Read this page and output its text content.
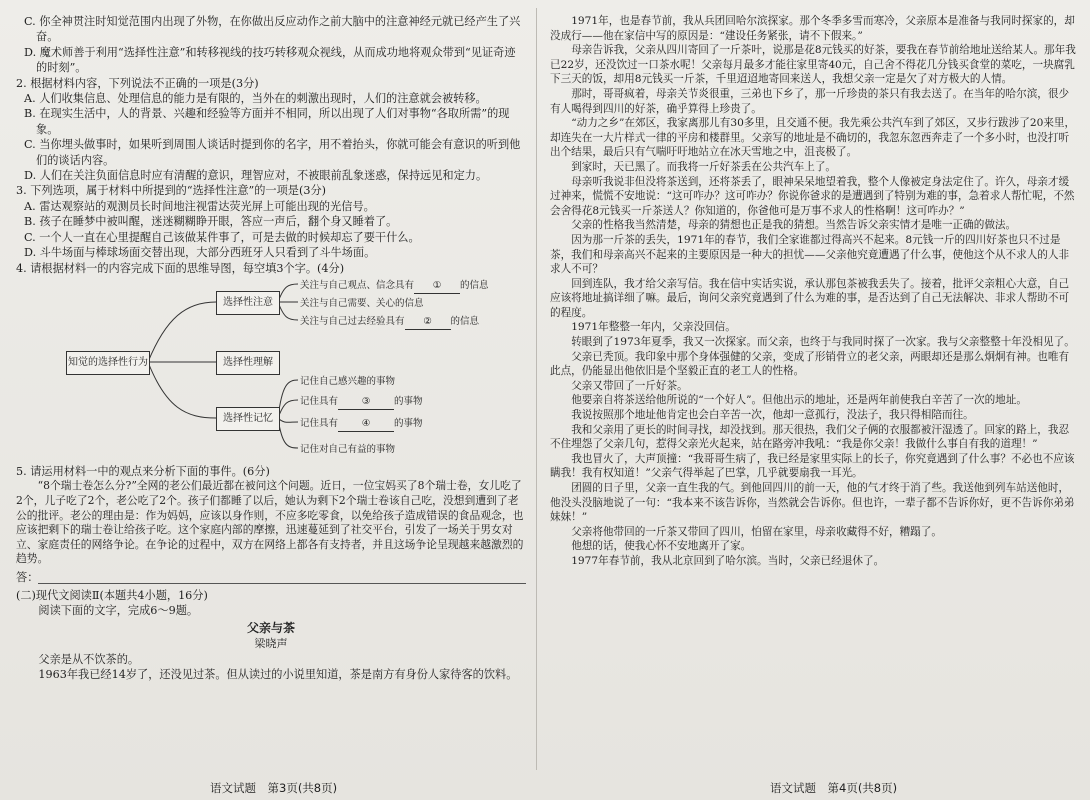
C. 你全神贯注时知觉范围内出现了外物，在你做出反应动作之前大脑中的注意神经元就已经产生了兴奋。

D. 魔术师善于利用“选择性注意”和转移视线的技巧转移观众视线，从而成功地将观众带到“见证奇迹的时刻”。

2. 根据材料内容，下列说法不正确的一项是(3分)

A. 人们收集信息、处理信息的能力是有限的，当外在的刺激出现时，人们的注意就会被转移。

B. 在现实生活中，人的背景、兴趣和经验等方面并不相同，所以出现了人们对事物“各取所需”的现象。

C. 当你埋头做事时，如果听到周围人谈话时提到你的名字，用不着抬头，你就可能会有意识的听到他们的谈话内容。

D. 人们在关注负面信息时应有清醒的意识，理智应对，不被眼前乱象迷惑，保持远见和定力。

3. 下列选项，属于材料中所提到的“选择性注意”的一项是(3分)

A. 雷达观察站的观测员长时间地注视雷达荧光屏上可能出现的光信号。

B. 孩子在睡梦中被叫醒，迷迷糊糊睁开眼，答应一声后，翻个身又睡着了。

C. 一个人一直在心里提醒自己该做某件事了，可是去做的时候却忘了要干什么。

D. 斗牛场面与棒球场面交替出现，大部分西班牙人只看到了斗牛场面。

4. 请根据材料一的内容完成下面的思维导图，每空填3个字。(4分)

知觉的选择性行为
选择性注意
选择性理解
选择性记忆
关注与自己观点、信念具有 ① 的信息
关注与自己需要、关心的信息
关注与自己过去经验具有 ② 的信息
记住自己感兴趣的事物
记住具有 ③ 的事物
记住具有 ④ 的事物
记住对自己有益的事物

5. 请运用材料一中的观点来分析下面的事件。(6分)

“8个瑞士卷怎么分?”全网的老公们最近都在被问这个问题。近日，一位宝妈买了8个瑞士卷，女儿吃了2个，儿子吃了2个，老公吃了2个。孩子们都睡了以后，她认为剩下2个瑞士卷该自己吃，没想到遭到了老公的批评。老公的理由是：作为妈妈，应该以身作则，不应多吃零食，以免给孩子造成错误的食品观念，也应该把剩下的瑞士卷让给孩子吃。这个家庭内部的摩擦，迅速蔓延到了社交平台，引发了一场关于男女对立、家庭责任的网络争论。在争论的过程中，双方在网络上都各有支持者，并且这场争论呈现越来越激烈的趋势。

答：

(二)现代文阅读Ⅱ(本题共4小题，16分)

阅读下面的文字，完成6～9题。

父亲与茶

梁晓声

父亲是从不饮茶的。

1963年我已经14岁了，还没见过茶。但从读过的小说里知道，茶是南方有身份人家待客的饮料。

1971年，也是春节前，我从兵团回哈尔滨探家。那个冬季多雪而寒冷，父亲原本是准备与我同时探家的，却没成行——他在家信中写的原因是：“建设任务紧张，请不下假来。”

母亲告诉我，父亲从四川寄回了一斤茶叶，说那是花8元钱买的好茶，要我在春节前给地址送给某人。那年我已22岁，还没饮过一口茶水呢！父亲每月最多才能往家里寄40元，自己舍不得花几分钱买食堂的菜吃，一块腐乳下三天的饭，却用8元钱买一斤茶，千里迢迢地寄回来送人，我想父亲一定是欠了对方极大的人情。

那时，哥哥疯着，母亲关节炎很重，三弟也下乡了，那一斤珍贵的茶只有我去送了。在当年的哈尔滨，很少有人喝得到四川的好茶，确乎算得上珍贵了。

“动力之乡”在郊区，我家离那儿有30多里，且交通不便。我先乘公共汽车到了郊区，又步行跋涉了20来里，却连失在一大片样式一律的平房和楼群里。父亲写的地址是不确切的，我忽东忽西奔走了一个多小时，也没打听出个结果，最后只有气喘吁吁地站立在冰天雪地之中，沮丧极了。

到家时，天已黑了。而我将一斤好茶丢在公共汽车上了。

母亲听我说非但没将茶送到，还将茶丢了，眼神呆呆地望着我，整个人像被定身法定住了。许久，母亲才缓过神来，慌慌不安地说：“这可咋办？这可咋办？你说你爸求的是遭遇到了特别为难的事，急着求人帮忙呢，不然会舍得花8元钱买一斤茶送人？你知道的，你爸他可是万事不求人的性格啊！这可咋办？”

父亲的性格我当然清楚，母亲的猜想也正是我的猜想。当然告诉父亲实情才是唯一正确的做法。

因为那一斤茶的丢失，1971年的春节，我们全家谁都过得高兴不起来。8元钱一斤的四川好茶也只不过是茶，我们和母亲高兴不起来的主要原因是一种大的担忧——父亲他究竟遭遇了什么事，使他这个从不求人的人非求人不可？

回到连队，我才给父亲写信。我在信中实话实说，承认那包茶被我丢失了。接着，批评父亲粗心大意，自己应该将地址搞详细了嘛。最后，询问父亲究竟遇到了什么为难的事，是否达到了自己无法解决、非求人帮助不可的程度。

1971年整整一年内，父亲没回信。

转眼到了1973年夏季，我又一次探家。而父亲，也终于与我同时探了一次家。我与父亲整整十年没相见了。

父亲已秃顶。我印象中那个身体强健的父亲，变成了形销骨立的老父亲，两眼却还是那么炯炯有神。也唯有此点，仍能显出他依旧是个坚毅正直的老工人的性格。

父亲又带回了一斤好茶。

他要亲自将茶送给他所说的“一个好人”。但他出示的地址，还是两年前使我白辛苦了一次的地址。

我说按照那个地址他肯定也会白辛苦一次，他却一意孤行，没法子，我只得相陪而往。

我和父亲用了更长的时间寻找，却没找到。那天很热，我们父子俩的衣服都被汗湿透了。回家的路上，我忍不住埋怨了父亲几句，惹得父亲光火起来，站在路旁冲我吼：“我是你父亲！我做什么事自有我的道理！”

我也冒火了，大声顶撞：“我哥哥生病了，我已经是家里实际上的长子，你究竟遇到了什么事？不必也不应该瞒我！我有权知道！”父亲气得举起了巴掌，几乎就要扇我一耳光。

团圆的日子里，父亲一直生我的气。到他回四川的前一天，他的气才终于消了些。我送他到列车站送他时，他没头没脑地说了一句：“我本来不该告诉你，当然就会告诉你。但也许，一辈子都不告诉你好，更不告诉你弟弟妹妹！”

父亲将他带回的一斤茶又带回了四川，怕留在家里，母亲收藏得不好，糟蹋了。

他想的话，使我心怀不安地离开了家。

1977年春节前，我从北京回到了哈尔滨。当时，父亲已经退休了。

语文试题　第3页(共8页)	语文试题　第4页(共8页)
